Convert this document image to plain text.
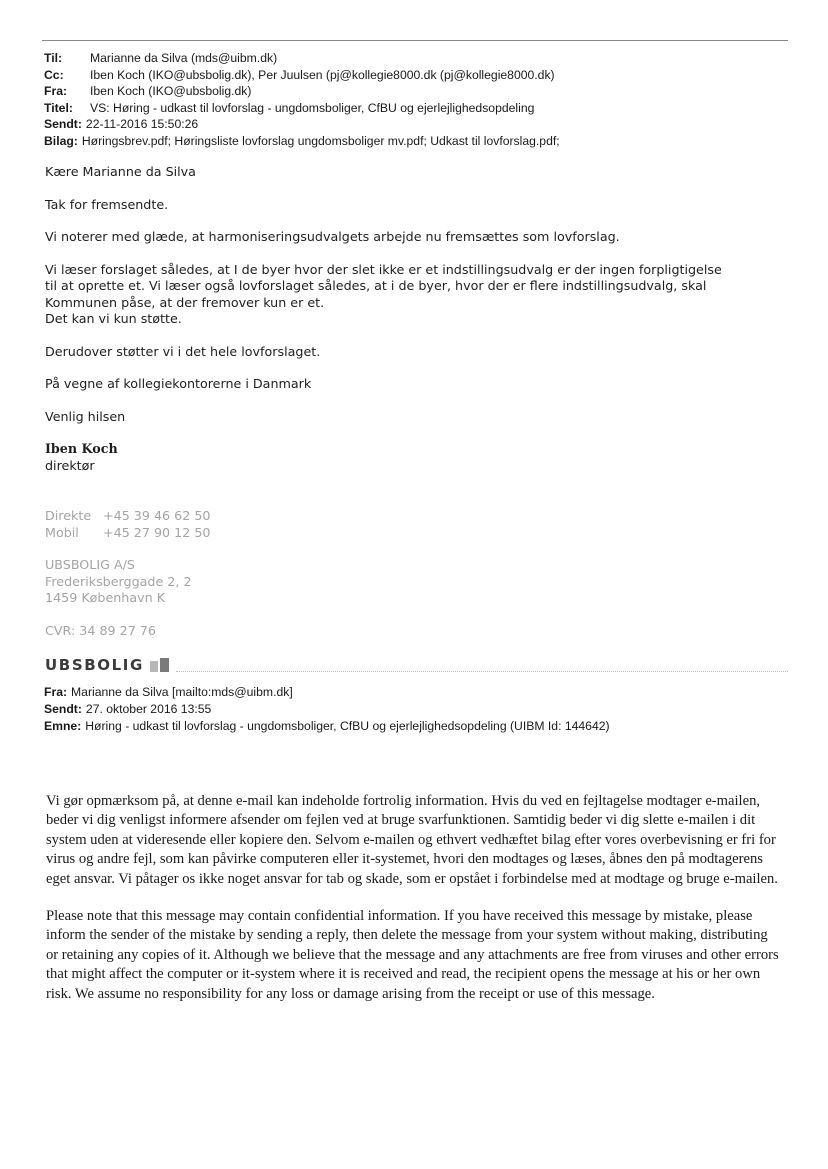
Til:	Marianne da Silva (mds@uibm.dk)
Cc:	Iben Koch (IKO@ubsbolig.dk), Per Juulsen (pj@kollegie8000.dk (pj@kollegie8000.dk)
Fra:	Iben Koch (IKO@ubsbolig.dk)
Titel:	VS: Høring - udkast til lovforslag - ungdomsboliger, CfBU og ejerlejlighedsopdeling
Sendt: 22-11-2016 15:50:26
Bilag: Høringsbrev.pdf; Høringsliste lovforslag ungdomsboliger mv.pdf; Udkast til lovforslag.pdf;
Kære Marianne da Silva
Tak for fremsendte.
Vi noterer med glæde, at harmoniseringsudvalgets arbejde nu fremsættes som lovforslag.
Vi læser forslaget således, at I de byer hvor der slet ikke er et indstillingsudvalg er der ingen forpligtigelse
til at oprette et. Vi læser også lovforslaget således, at i de byer, hvor der er flere indstillingsudvalg, skal
Kommunen påse, at der fremover kun er et.
Det kan vi kun støtte.
Derudover støtter vi i det hele lovforslaget.
På vegne af kollegiekontorerne i Danmark
Venlig hilsen
Iben Koch
direktør
Direkte +45 39 46 62 50
Mobil	+45 27 90 12 50
UBSBOLIG A/S
Frederiksberggade 2, 2
1459 København K
CVR: 34 89 27 76
UBSBOLIG
Fra: Marianne da Silva [mailto:mds@uibm.dk]
Sendt: 27. oktober 2016 13:55
Emne: Høring - udkast til lovforslag - ungdomsboliger, CfBU og ejerlejlighedsopdeling (UIBM Id: 144642)

Vi gør opmærksom på, at denne e-mail kan indeholde fortrolig information. Hvis du ved en fejltagelse modtager e-mailen, beder vi dig venligst informere afsender om fejlen ved at bruge svarfunktionen. Samtidig beder vi dig slette e-mailen i dit system uden at videresende eller kopiere den. Selvom e-mailen og ethvert vedhæftet bilag efter vores overbevisning er fri for virus og andre fejl, som kan påvirke computeren eller it-systemet, hvori den modtages og læses, åbnes den på modtagerens eget ansvar. Vi påtager os ikke noget ansvar for tab og skade, som er opstået i forbindelse med at modtage og bruge e-mailen.

Please note that this message may contain confidential information. If you have received this message by mistake, please inform the sender of the mistake by sending a reply, then delete the message from your system without making, distributing or retaining any copies of it. Although we believe that the message and any attachments are free from viruses and other errors that might affect the computer or it-system where it is received and read, the recipient opens the message at his or her own risk. We assume no responsibility for any loss or damage arising from the receipt or use of this message.
